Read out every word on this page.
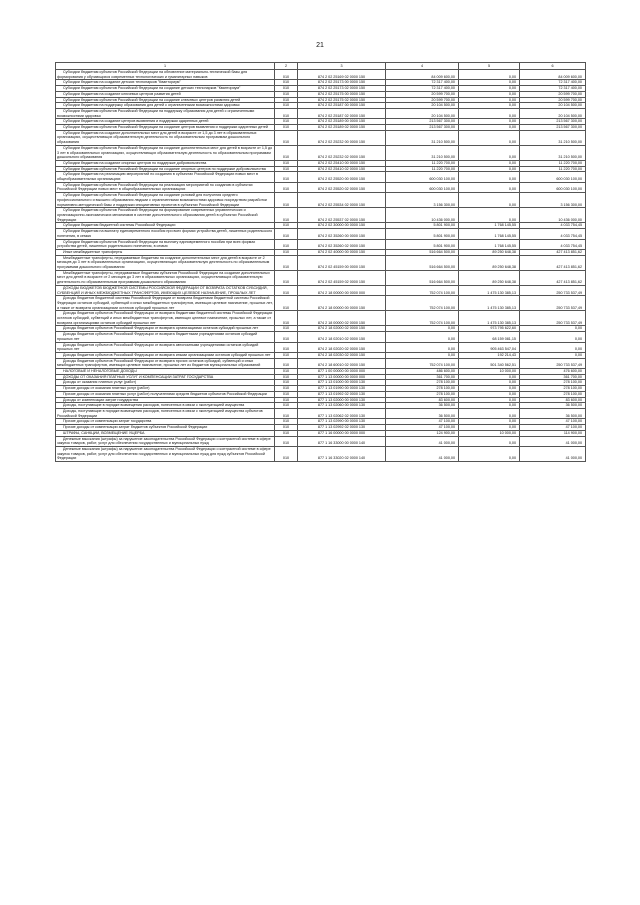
21
1	2	3	4	5	6
Субсидии бюджетам субъектов Российской Федерации на обновление материально-технической базы для формирования у обучающихся современных технологических и гуманитарных навыков	010	874 2 02 25169 02 0000 150	84 009 600,00	0,00	84 009 600,00
Субсидии бюджетам на создание детских технопарков "Кванториум"	010	874 2 02 25173 00 0000 150	72 317 400,00	0,00	72 317 400,00
Субсидии бюджетам субъектов Российской Федерации на создание детских технопарков "Кванториум"	010	874 2 02 25173 02 0000 150	72 317 400,00	0,00	72 317 400,00
Субсидии бюджетам на создание ключевых центров развития детей	010	874 2 02 25175 00 0000 150	20 599 700,00	0,00	20 599 700,00
Субсидии бюджетам субъектов Российской Федерации на создание ключевых центров развития детей	010	874 2 02 25175 02 0000 150	20 599 700,00	0,00	20 599 700,00
Субсидии бюджетам на поддержку образования для детей с ограниченными возможностями здоровья	010	874 2 02 25187 00 0000 150	20 104 500,00	0,00	20 104 500,00
Субсидии бюджетам субъектов Российской Федерации на поддержку образования для детей с ограниченными возможностями здоровья	010	874 2 02 25187 02 0000 150	20 104 500,00	0,00	20 104 500,00
Субсидии бюджетам на создание центров выявления и поддержки одаренных детей	010	874 2 02 25189 00 0000 150	213 567 300,00	0,00	213 567 300,00
Субсидии бюджетам субъектов Российской Федерации на создание центров выявления и поддержки одаренных детей	010	874 2 02 25189 02 0000 150	213 567 300,00	0,00	213 567 300,00
Субсидии бюджетам на создание дополнительных мест для детей в возрасте от 1,5 до 3 лет в образовательных организациях, осуществляющих образовательную деятельность по образовательным программам дошкольного образования	010	874 2 02 25232 00 0000 150	31 210 500,00	0,00	31 210 500,00
Субсидии бюджетам субъектов Российской Федерации на создание дополнительных мест для детей в возрасте от 1,5 до 3 лет в образовательных организациях, осуществляющих образовательную деятельность по образовательным программам дошкольного образования	010	874 2 02 25232 02 0000 150	31 210 500,00	0,00	31 210 500,00
Субсидии бюджетам на создание опорных центров по поддержке добровольчества	010	874 2 02 25410 00 0000 150	11 220 700,00	0,00	11 220 700,00
Субсидии бюджетам субъектов Российской Федерации на создание опорных центров по поддержке добровольчества	010	874 2 02 25410 02 0000 150	11 220 700,00	0,00	11 220 700,00
Субсидии бюджетам на реализацию мероприятий по созданию в субъектах Российской Федерации новых мест в общеобразовательных организациях	010	874 2 02 25520 00 0000 150	600 030 100,00	0,00	600 030 100,00
Субсидии бюджетам субъектов Российской Федерации на реализацию мероприятий по созданию в субъектах Российской Федерации новых мест в общеобразовательных организациях	010	874 2 02 25520 02 0000 150	600 030 100,00	0,00	600 030 100,00
Субсидии бюджетам субъектов Российской Федерации на создание условий для получения среднего профессионального и высшего образования людьми с ограниченными возможностями здоровья посредством разработки нормативно-методической базы и поддержки инициативных проектов в субъектах Российской Федерации	010	874 2 02 25534 02 0000 150	3 156 300,00	0,00	3 156 300,00
Субсидии бюджетам субъектов Российской Федерации на формирование современных управленческих и организационно-экономических механизмов в системе дополнительного образования детей в субъектах Российской Федерации	010	874 2 02 25537 02 0000 150	10 436 000,00	0,00	10 436 000,00
Субсидии бюджетам бюджетной системы Российской Федерации	010	874 2 02 30000 00 0000 150	5 801 900,00	1 768 145,55	4 033 754,45
Субсидии бюджетам на выплату единовременного пособия при всех формах устройства детей, лишенных родительского попечения, в семью	010	874 2 02 35260 00 0000 150	5 801 900,00	1 768 145,55	4 033 754,45
Субсидии бюджетам субъектов Российской Федерации на выплату единовременного пособия при всех формах устройства детей, лишенных родительского попечения, в семью	010	874 2 02 35260 02 0000 150	5 801 900,00	1 768 145,55	4 033 754,45
Иные межбюджетные трансферты	010	874 2 02 40000 00 0000 150	516 664 500,00	89 250 648,38	427 413 851,62
Межбюджетные трансферты, передаваемые бюджетам на создание дополнительных мест для детей в возрасте от 2 месяцев до 3 лет в образовательных организациях, осуществляющих образовательную деятельность по образовательным программам дошкольного образования	010	874 2 02 45159 00 0000 150	516 664 500,00	89 250 648,38	427 413 851,62
Межбюджетные трансферты, передаваемые бюджетам субъектов Российской Федерации на создание дополнительных мест для детей в возрасте от 2 месяцев до 3 лет в образовательных организациях, осуществляющих образовательную деятельность по образовательным программам дошкольного образования	010	874 2 02 45159 02 0000 150	516 664 500,00	89 250 648,38	427 413 851,62
ДОХОДЫ БЮДЖЕТОВ БЮДЖЕТНОЙ СИСТЕМЫ РОССИЙСКОЙ ФЕДЕРАЦИИ ОТ ВОЗВРАТА ОСТАТКОВ СУБСИДИЙ, СУБВЕНЦИЙ И ИНЫХ МЕЖБЮДЖЕТНЫХ ТРАНСФЕРТОВ, ИМЕЮЩИХ ЦЕЛЕВОЕ НАЗНАЧЕНИЕ, ПРОШЛЫХ ЛЕТ	010	874 2 18 00000 00 0000 000	752 074 100,00	1 475 130 385,13	250 733 537,49
Доходы бюджетов бюджетной системы Российской Федерации от возврата бюджетами бюджетной системы Российской Федерации остатков субсидий, субвенций и иных межбюджетных трансфертов, имеющих целевое назначение, прошлых лет, а также от возврата организациями остатков субсидий прошлых лет	010	874 2 18 00000 00 0000 150	752 074 100,00	1 475 130 385,13	250 733 537,49
Доходы бюджетов субъектов Российской Федерации от возврата бюджетами бюджетной системы Российской Федерации остатков субсидий, субвенций и иных межбюджетных трансфертов, имеющих целевое назначение, прошлых лет, а также от возврата организациями остатков субсидий прошлых лет	010	874 2 18 00000 02 0000 150	752 074 100,00	1 475 130 385,13	250 733 537,49
Доходы бюджетов субъектов Российской Федерации от возврата организациями остатков субсидий прошлых лет	010	874 2 18 02000 02 0000 150	0,00	973 795 622,60	0,00
Доходы бюджетов субъектов Российской Федерации от возврата бюджетными учреждениями остатков субсидий прошлых лет	010	874 2 18 02010 02 0000 150	0,00	68 159 081,15	0,00
Доходы бюджетов субъектов Российской Федерации от возврата автономными учреждениями остатков субсидий прошлых лет	010	874 2 18 02020 02 0000 150	0,00	905 463 547,04	0,00
Доходы бюджетов субъектов Российской Федерации от возврата иными организациями остатков субсидий прошлых лет	010	874 2 18 02030 02 0000 150	0,00	192 214,43	0,00
Доходы бюджетов субъектов Российской Федерации от возврата прочих остатков субсидий, субвенций и иных межбюджетных трансфертов, имеющих целевое назначение, прошлых лет из бюджетов муниципальных образований	010	874 2 18 60010 02 0000 150	752 074 100,00	501 340 562,51	250 733 537,49
НАЛОГОВЫЕ И НЕНАЛОГОВЫЕ ДОХОДЫ	010	877 1 00 00000 00 0000 000	486 600,00	10 000,00	476 600,00
ДОХОДЫ ОТ ОКАЗАНИЯ ПЛАТНЫХ УСЛУГ И КОМПЕНСАЦИИ ЗАТРАТ ГОСУДАРСТВА	010	877 1 13 00000 00 0000 000	361 700,00	0,00	361 700,00
Доходы от оказания платных услуг (работ)	010	877 1 13 01000 00 0000 130	278 100,00	0,00	278 100,00
Прочие доходы от оказания платных услуг (работ)	010	877 1 13 01990 00 0000 130	278 100,00	0,00	278 100,00
Прочие доходы от оказания платных услуг (работ) получателями средств бюджетов субъектов Российской Федерации	010	877 1 13 01992 02 0000 130	278 100,00	0,00	278 100,00
Доходы от компенсации затрат государства	010	877 1 13 02000 00 0000 130	83 600,00	0,00	83 600,00
Доходы, поступающие в порядке возмещения расходов, понесенных в связи с эксплуатацией имущества	010	877 1 13 02060 00 0000 130	36 500,00	0,00	36 500,00
Доходы, поступающие в порядке возмещения расходов, понесенных в связи с эксплуатацией имущества субъектов Российской Федерации	010	877 1 13 02062 02 0000 130	36 500,00	0,00	36 500,00
Прочие доходы от компенсации затрат государства	010	877 1 13 02990 00 0000 130	47 100,00	0,00	47 100,00
Прочие доходы от компенсации затрат бюджетов субъектов Российской Федерации	010	877 1 13 02992 02 0000 130	47 100,00	0,00	47 100,00
ШТРАФЫ, САНКЦИИ, ВОЗМЕЩЕНИЕ УЩЕРБА	010	877 1 16 00000 00 0000 000	124 900,00	10 000,00	114 900,00
Денежные взыскания (штрафы) за нарушение законодательства Российской Федерации о контрактной системе в сфере закупок товаров, работ, услуг для обеспечения государственных и муниципальных нужд	010	877 1 16 33000 00 0000 140	41 000,00	0,00	41 000,00
Денежные взыскания (штрафы) за нарушение законодательства Российской Федерации о контрактной системе в сфере закупок товаров, работ, услуг для обеспечения государственных и муниципальных нужд для нужд субъектов Российской Федерации	010	877 1 16 33020 02 0000 140	41 000,00	0,00	41 000,00
